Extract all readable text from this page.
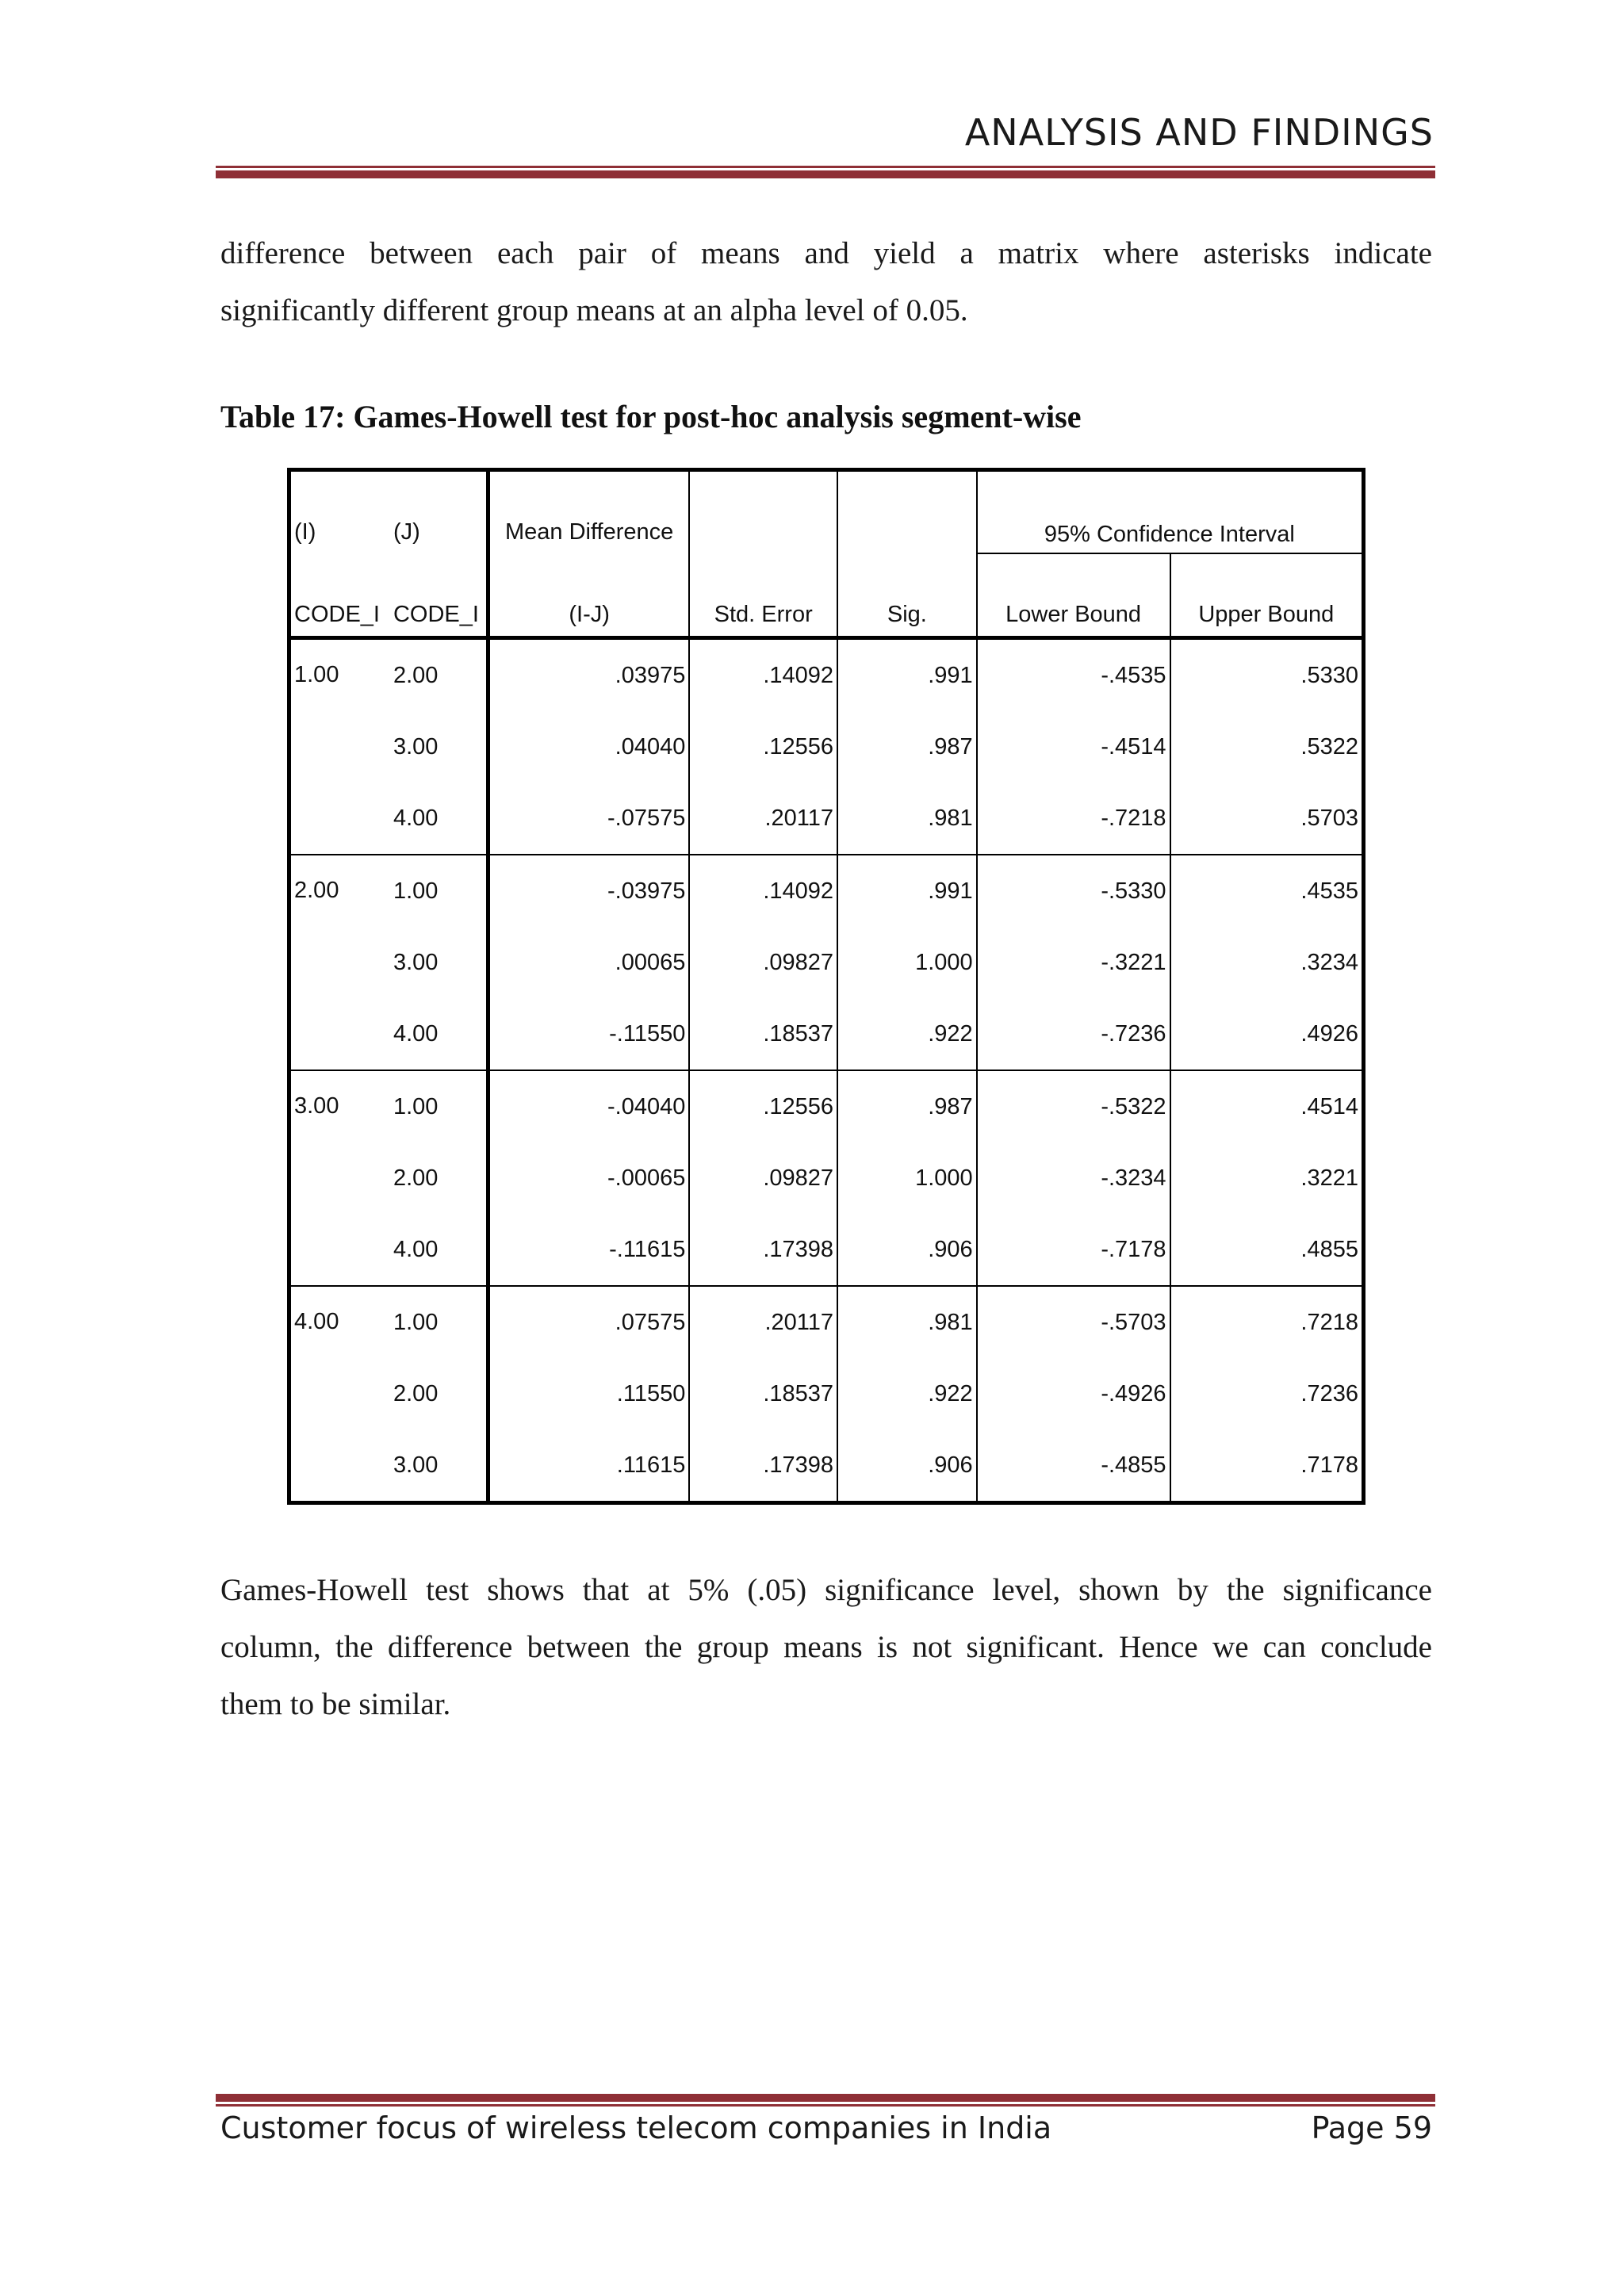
ANALYSIS AND FINDINGS

difference between each pair of means and yield a matrix where asterisks indicate

significantly different group means at an alpha level of 0.05.

Table 17: Games-Howell test for post-hoc analysis segment-wise

(I)	(J)	Mean Difference			95% Confidence Interval	
CODE_I	CODE_I	(I-J)	Std. Error	Sig.	Lower Bound	Upper Bound
1.00	2.00	.03975	.14092	.991	-.4535	.5330
	3.00	.04040	.12556	.987	-.4514	.5322
	4.00	-.07575	.20117	.981	-.7218	.5703
2.00	1.00	-.03975	.14092	.991	-.5330	.4535
	3.00	.00065	.09827	1.000	-.3221	.3234
	4.00	-.11550	.18537	.922	-.7236	.4926
3.00	1.00	-.04040	.12556	.987	-.5322	.4514
	2.00	-.00065	.09827	1.000	-.3234	.3221
	4.00	-.11615	.17398	.906	-.7178	.4855
4.00	1.00	.07575	.20117	.981	-.5703	.7218
	2.00	.11550	.18537	.922	-.4926	.7236
	3.00	.11615	.17398	.906	-.4855	.7178

Games-Howell test shows that at 5% (.05) significance level, shown by the significance

column, the difference between the group means is not significant. Hence we can conclude

them to be similar.

Customer focus of wireless telecom companies in India	Page 59
